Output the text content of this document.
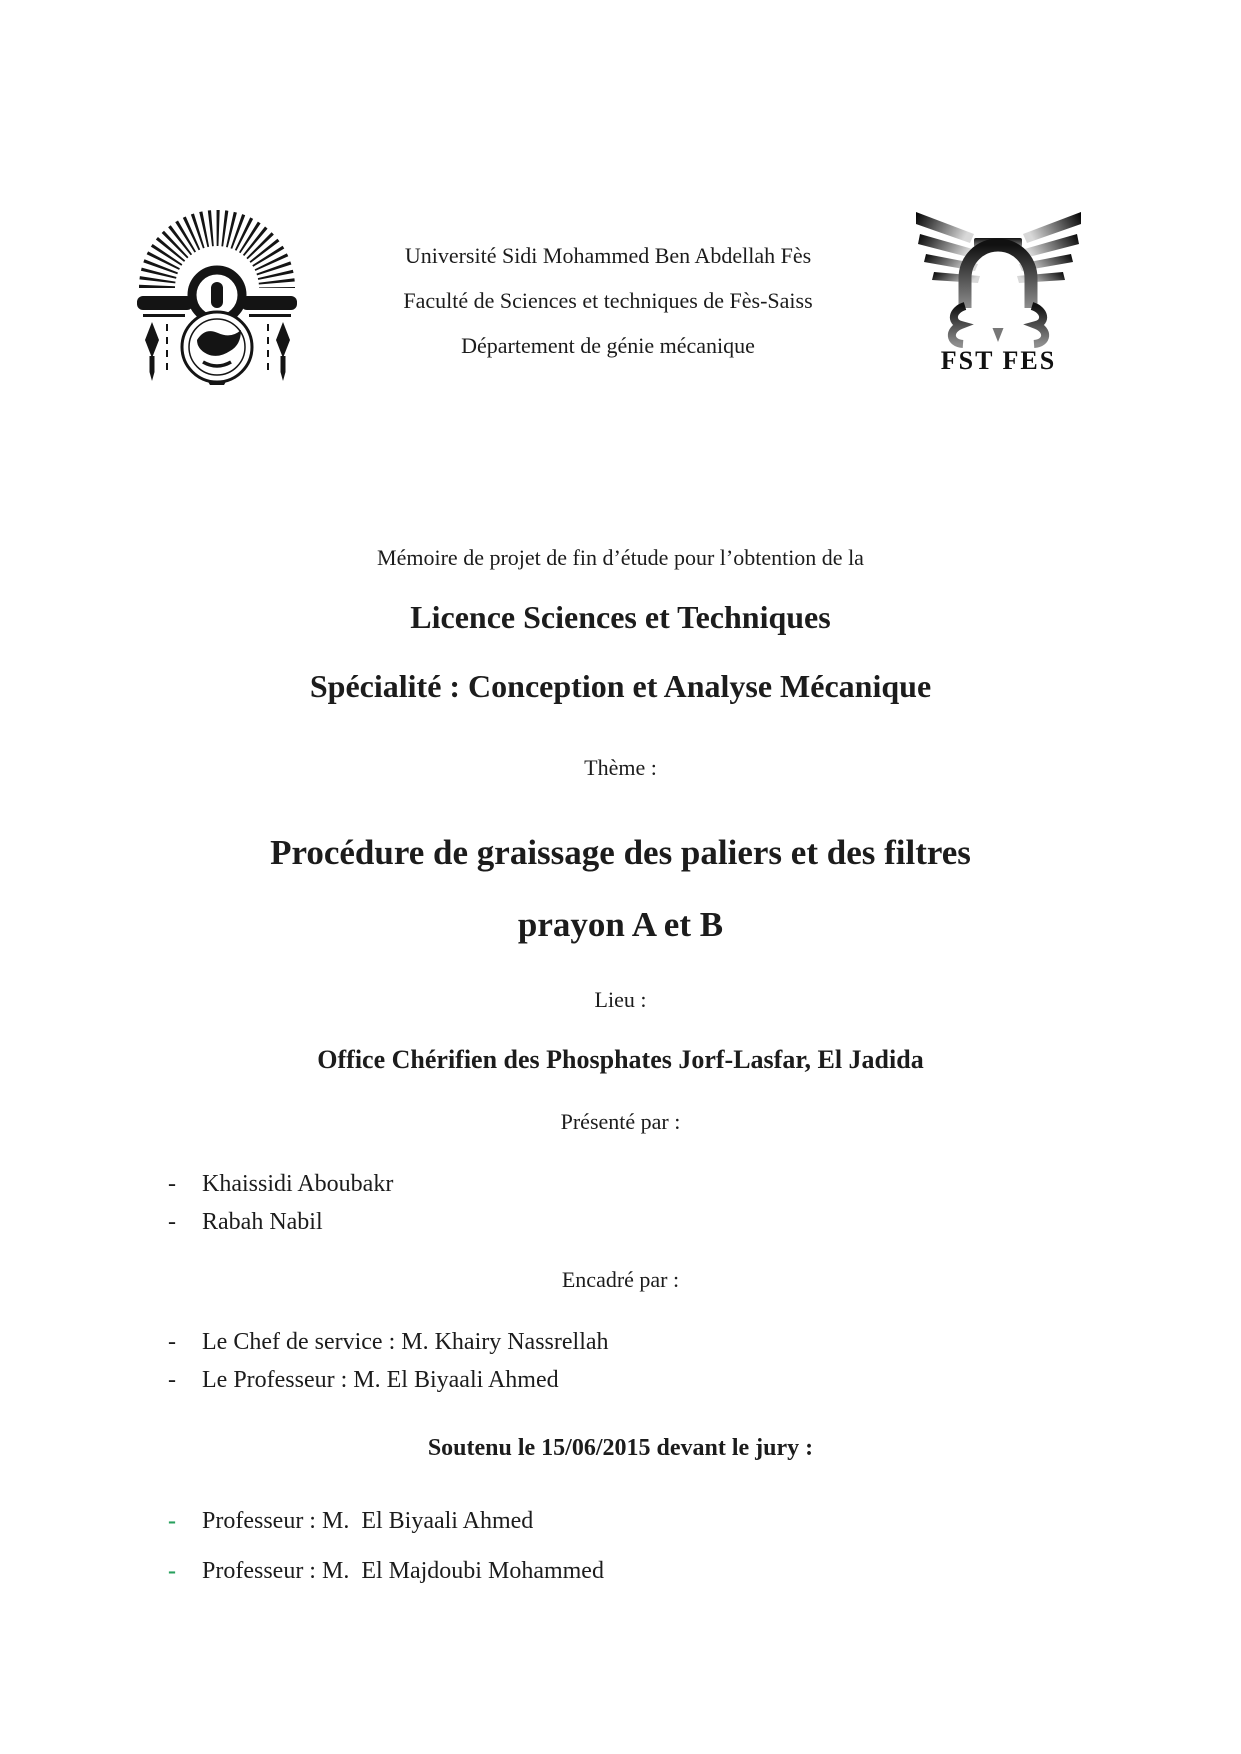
Université Sidi Mohammed Ben Abdellah Fès
Faculté de Sciences et techniques de Fès-Saiss
Département de génie mécanique
FST FES
Mémoire de projet de fin d’étude pour l’obtention de la
Licence Sciences et Techniques
Spécialité : Conception et Analyse Mécanique
Thème :
Procédure de graissage des paliers et des filtres
prayon A et B
Lieu :
Office Chérifien des Phosphates Jorf-Lasfar, El Jadida
Présenté par :
-	Khaissidi Aboubakr
-	Rabah Nabil
Encadré par :
-	Le Chef de service : M. Khairy Nassrellah
-	Le Professeur : M. El Biyaali Ahmed
Soutenu le 15/06/2015 devant le jury :
-	Professeur : M.  El Biyaali Ahmed
-	Professeur : M.  El Majdoubi Mohammed
